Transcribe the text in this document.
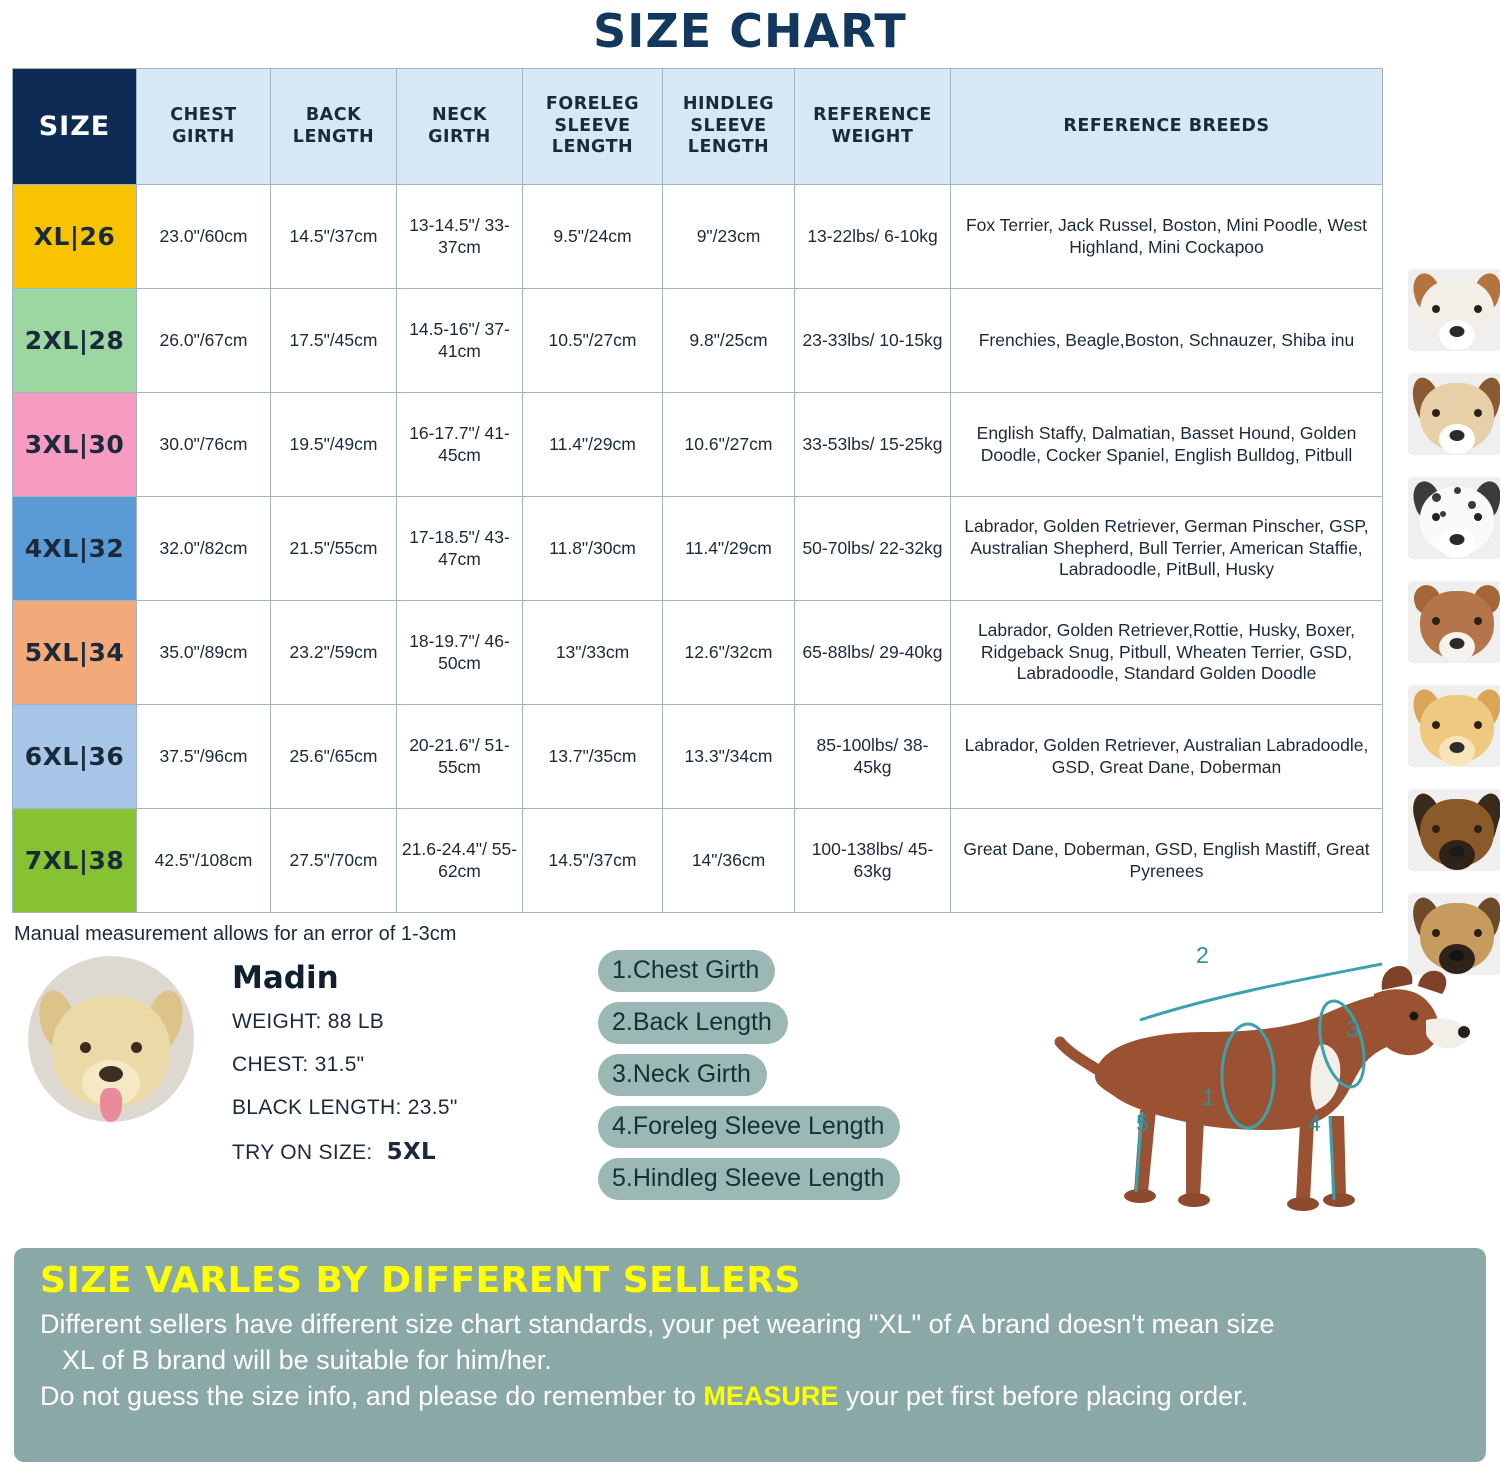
SIZE CHART
SIZE	CHEST GIRTH	BACK LENGTH	NECK GIRTH	FORELEG SLEEVE LENGTH	HINDLEG SLEEVE LENGTH	REFERENCE WEIGHT	REFERENCE BREEDS
XL|26	23.0"/60cm	14.5"/37cm	13-14.5"/ 33-37cm	9.5"/24cm	9"/23cm	13-22lbs/ 6-10kg	Fox Terrier, Jack Russel, Boston, Mini Poodle, West Highland, Mini Cockapoo
2XL|28	26.0"/67cm	17.5"/45cm	14.5-16"/ 37-41cm	10.5"/27cm	9.8"/25cm	23-33lbs/ 10-15kg	Frenchies, Beagle,Boston, Schnauzer, Shiba inu
3XL|30	30.0"/76cm	19.5"/49cm	16-17.7"/ 41-45cm	11.4"/29cm	10.6"/27cm	33-53lbs/ 15-25kg	English Staffy, Dalmatian, Basset Hound, Golden Doodle, Cocker Spaniel, English Bulldog, Pitbull
4XL|32	32.0"/82cm	21.5"/55cm	17-18.5"/ 43-47cm	11.8"/30cm	11.4"/29cm	50-70lbs/ 22-32kg	Labrador, Golden Retriever, German Pinscher, GSP, Australian Shepherd, Bull Terrier, American Staffie, Labradoodle, PitBull, Husky
5XL|34	35.0"/89cm	23.2"/59cm	18-19.7"/ 46-50cm	13"/33cm	12.6"/32cm	65-88lbs/ 29-40kg	Labrador, Golden Retriever,Rottie, Husky, Boxer, Ridgeback Snug, Pitbull, Wheaten Terrier, GSD, Labradoodle, Standard Golden Doodle
6XL|36	37.5"/96cm	25.6"/65cm	20-21.6"/ 51-55cm	13.7"/35cm	13.3"/34cm	85-100lbs/ 38-45kg	Labrador, Golden Retriever, Australian Labradoodle, GSD, Great Dane, Doberman
7XL|38	42.5"/108cm	27.5"/70cm	21.6-24.4"/ 55-62cm	14.5"/37cm	14"/36cm	100-138lbs/ 45-63kg	Great Dane, Doberman, GSD, English Mastiff, Great Pyrenees
Manual measurement allows for an error of 1-3cm
Madin
WEIGHT: 88 LB
CHEST: 31.5"
BLACK LENGTH: 23.5"
TRY ON SIZE: 5XL
1.Chest Girth
2.Back Length
3.Neck Girth
4.Foreleg Sleeve Length
5.Hindleg Sleeve Length
2
3
1
4
5
SIZE VARLES BY DIFFERENT SELLERS

Different sellers have different size chart standards, your pet wearing "XL" of A brand doesn't mean size

XL of B brand will be suitable for him/her.

Do not guess the size info, and please do remember to MEASURE your pet first before placing order.
